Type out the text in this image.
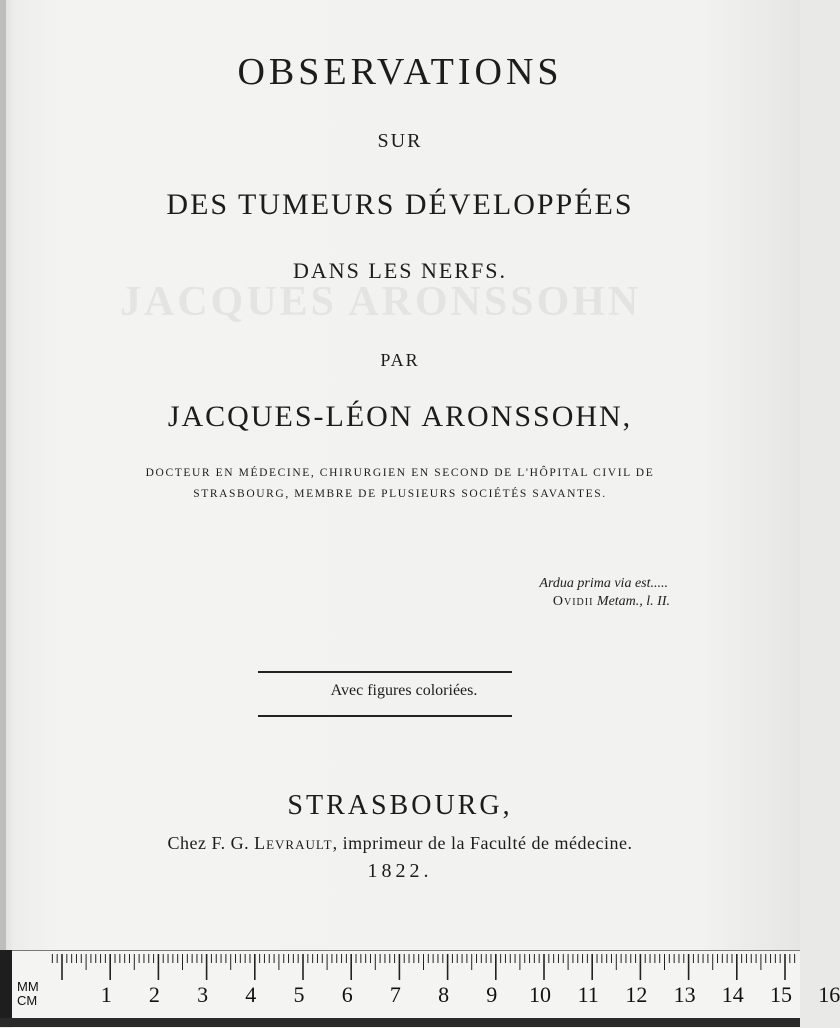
JACQUES ARONSSOHN
OBSERVATIONS
SUR
DES TUMEURS DÉVELOPPÉES
DANS LES NERFS.
PAR
JACQUES-LÉON ARONSSOHN,
DOCTEUR EN MÉDECINE, CHIRURGIEN EN SECOND DE L'HÔPITAL CIVIL DE
STRASBOURG, MEMBRE DE PLUSIEURS SOCIÉTÉS SAVANTES.
Ardua prima via est.....
Ovidii Metam., l. II.
Avec figures coloriées.
STRASBOURG,
Chez F. G. Levrault, imprimeur de la Faculté de médecine.
1822.
MM
CM	1 2 3 4 5 6 7 8 9 10 11 12 13 14 15 16
